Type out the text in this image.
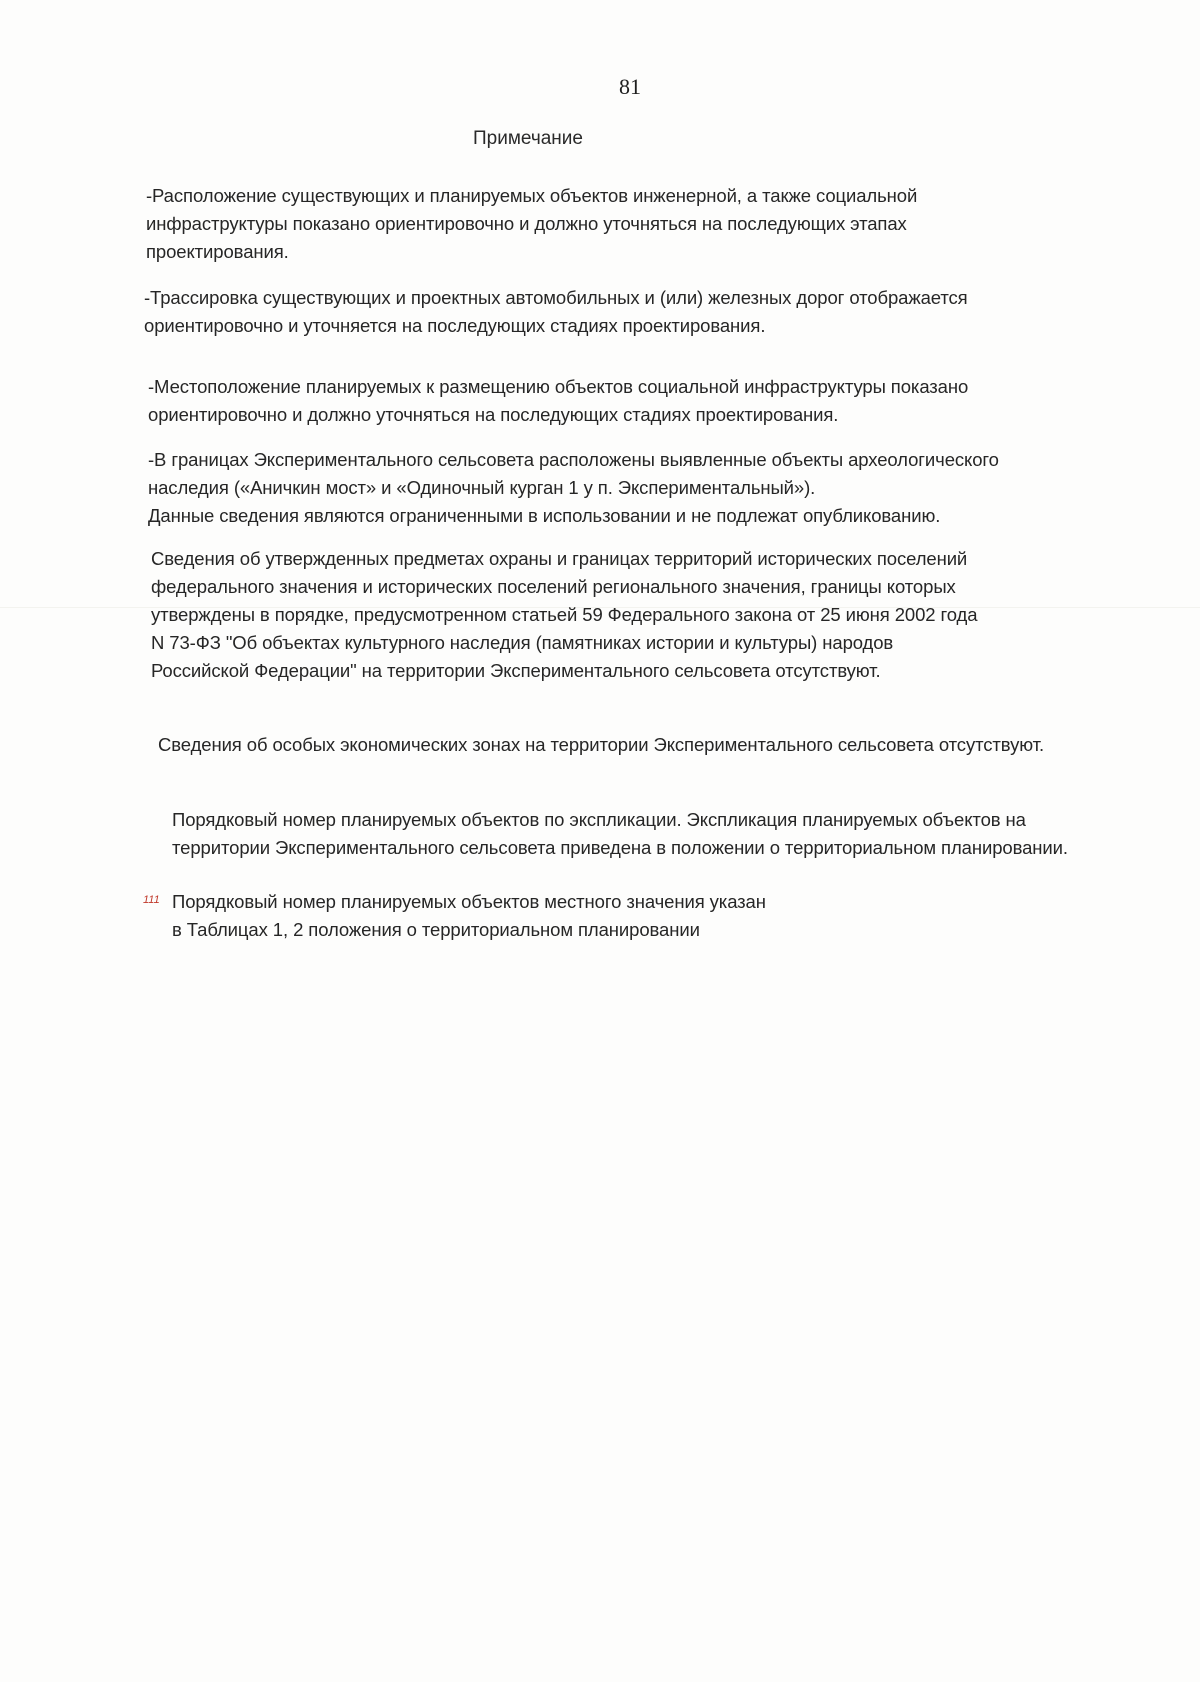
81
Примечание
-Расположение существующих и планируемых объектов инженерной, а также социальной
инфраструктуры показано ориентировочно и должно уточняться на последующих этапах
проектирования.
-Трассировка существующих и проектных автомобильных и (или) железных дорог отображается
ориентировочно и уточняется на последующих стадиях проектирования.
-Местоположение планируемых к размещению объектов социальной инфраструктуры показано
ориентировочно и должно уточняться на последующих стадиях проектирования.
-В границах Экспериментального сельсовета расположены выявленные объекты археологического
наследия («Аничкин мост» и «Одиночный курган 1 у п. Экспериментальный»).
Данные сведения являются ограниченными в использовании и не подлежат опубликованию.
Сведения об утвержденных предметах охраны и границах территорий исторических поселений
федерального значения и исторических поселений регионального значения, границы которых
утверждены в порядке, предусмотренном статьей 59 Федерального закона от 25 июня 2002 года
N 73-ФЗ "Об объектах культурного наследия (памятниках истории и культуры) народов
Российской Федерации" на территории Экспериментального сельсовета отсутствуют.
Сведения об особых экономических зонах на территории Экспериментального сельсовета отсутствуют.
Порядковый номер планируемых объектов по экспликации. Экспликация планируемых объектов на
территории Экспериментального сельсовета приведена в положении о территориальном планировании.
111 Порядковый номер планируемых объектов местного значения указан
в Таблицах 1, 2 положения о территориальном планировании
